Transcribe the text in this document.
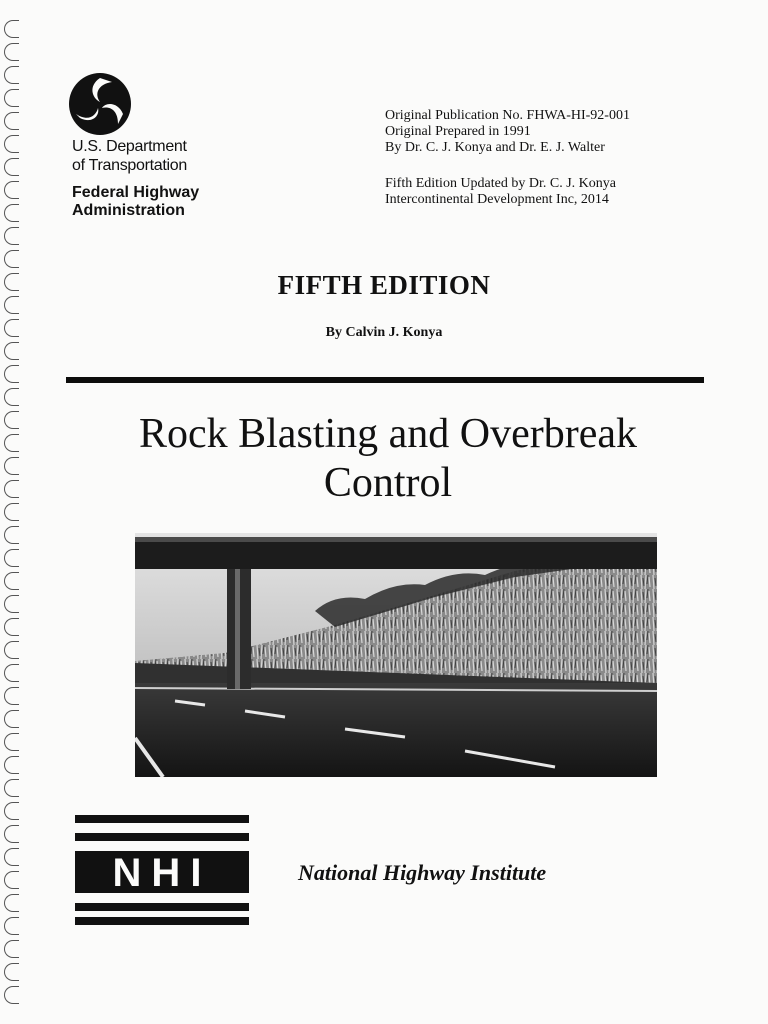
U.S. Department
of Transportation
Federal Highway
Administration
Original Publication No. FHWA-HI-92-001
Original Prepared in 1991
By Dr. C. J. Konya and Dr. E. J. Walter
Fifth Edition Updated by Dr. C. J. Konya
Intercontinental Development Inc, 2014
FIFTH EDITION
By Calvin J. Konya
Rock Blasting and Overbreak
Control
NHI	National Highway Institute
